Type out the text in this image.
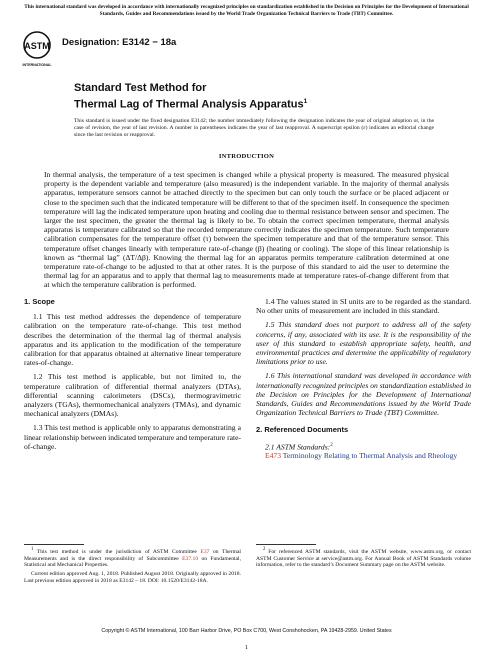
This international standard was developed in accordance with internationally recognized principles on standardization established in the Decision on Principles for the Development of International Standards, Guides and Recommendations issued by the World Trade Organization Technical Barriers to Trade (TBT) Committee.
ASTM
INTERNATIONAL
Designation: E3142 − 18a
Standard Test Method for
Thermal Lag of Thermal Analysis Apparatus$^1$
This standard is issued under the fixed designation E3142; the number immediately following the designation indicates the year of original adoption or, in the case of revision, the year of last revision. A number in parentheses indicates the year of last reapproval. A superscript epsilon (ε) indicates an editorial change since the last revision or reapproval.
INTRODUCTION
In thermal analysis, the temperature of a test specimen is changed while a physical property is measured. The measured physical property is the dependent variable and temperature (also measured) is the independent variable. In the majority of thermal analysis apparatus, temperature sensors cannot be attached directly to the specimen but can only touch the surface or be placed adjacent or close to the specimen such that the indicated temperature will be different to that of the specimen itself. In consequence the specimen temperature will lag the indicated temperature upon heating and cooling due to thermal resistance between sensor and specimen. The larger the test specimen, the greater the thermal lag is likely to be. To obtain the correct specimen temperature, thermal analysis apparatus is temperature calibrated so that the recorded temperature correctly indicates the specimen temperature. Such temperature calibration compensates for the temperature offset (τ) between the specimen temperature and that of the temperature sensor. This temperature offset changes linearly with temperature rate-of-change (β) (heating or cooling). The slope of this linear relationship is known as “thermal lag” (ΔT/Δβ). Knowing the thermal lag for an apparatus permits temperature calibration determined at one temperature rate-of-change to be adjusted to that at other rates. It is the purpose of this standard to aid the user to determine the thermal lag for an apparatus and to apply that thermal lag to measurements made at temperature rates-of-change different from that at which the temperature calibration is performed.

1. Scope

1.1 This test method addresses the dependence of temperature calibration on the temperature rate-of-change. This test method describes the determination of the thermal lag of thermal analysis apparatus and its application to the modification of the temperature calibration for that apparatus obtained at alternative linear temperature rates-of-change.

1.2 This test method is applicable, but not limited to, the temperature calibration of differential thermal analyzers (DTAs), differential scanning calorimeters (DSCs), thermogravimetric analyzers (TGAs), thermomechanical analyzers (TMAs), and dynamic mechanical analyzers (DMAs).

1.3 This test method is applicable only to apparatus demonstrating a linear relationship between indicated temperature and temperature rate-of-change.

1.4 The values stated in SI units are to be regarded as the standard. No other units of measurement are included in this standard.

1.5 This standard does not purport to address all of the safety concerns, if any, associated with its use. It is the responsibility of the user of this standard to establish appropriate safety, health, and environmental practices and determine the applicability of regulatory limitations prior to use.

1.6 This international standard was developed in accordance with internationally recognized principles on standardization established in the Decision on Principles for the Development of International Standards, Guides and Recommendations issued by the World Trade Organization Technical Barriers to Trade (TBT) Committee.

2. Referenced Documents

2.1 ASTM Standards:$^2$

E473 Terminology Relating to Thermal Analysis and Rheology

$^1$ This test method is under the jurisdiction of ASTM Committee E37 on Thermal Measurements and is the direct responsibility of Subcommittee E37.10 on Fundamental, Statistical and Mechanical Properties.

Current edition approved Aug. 1, 2018. Published August 2018. Originally approved in 2018. Last previous edition approved in 2018 as E3142 – 18. DOI: 10.1520/E3142-18A.

$^2$ For referenced ASTM standards, visit the ASTM website, www.astm.org, or contact ASTM Customer Service at service@astm.org. For Annual Book of ASTM Standards volume information, refer to the standard’s Document Summary page on the ASTM website.

Copyright © ASTM International, 100 Barr Harbor Drive, PO Box C700, West Conshohocken, PA 19428-2959. United States
1
